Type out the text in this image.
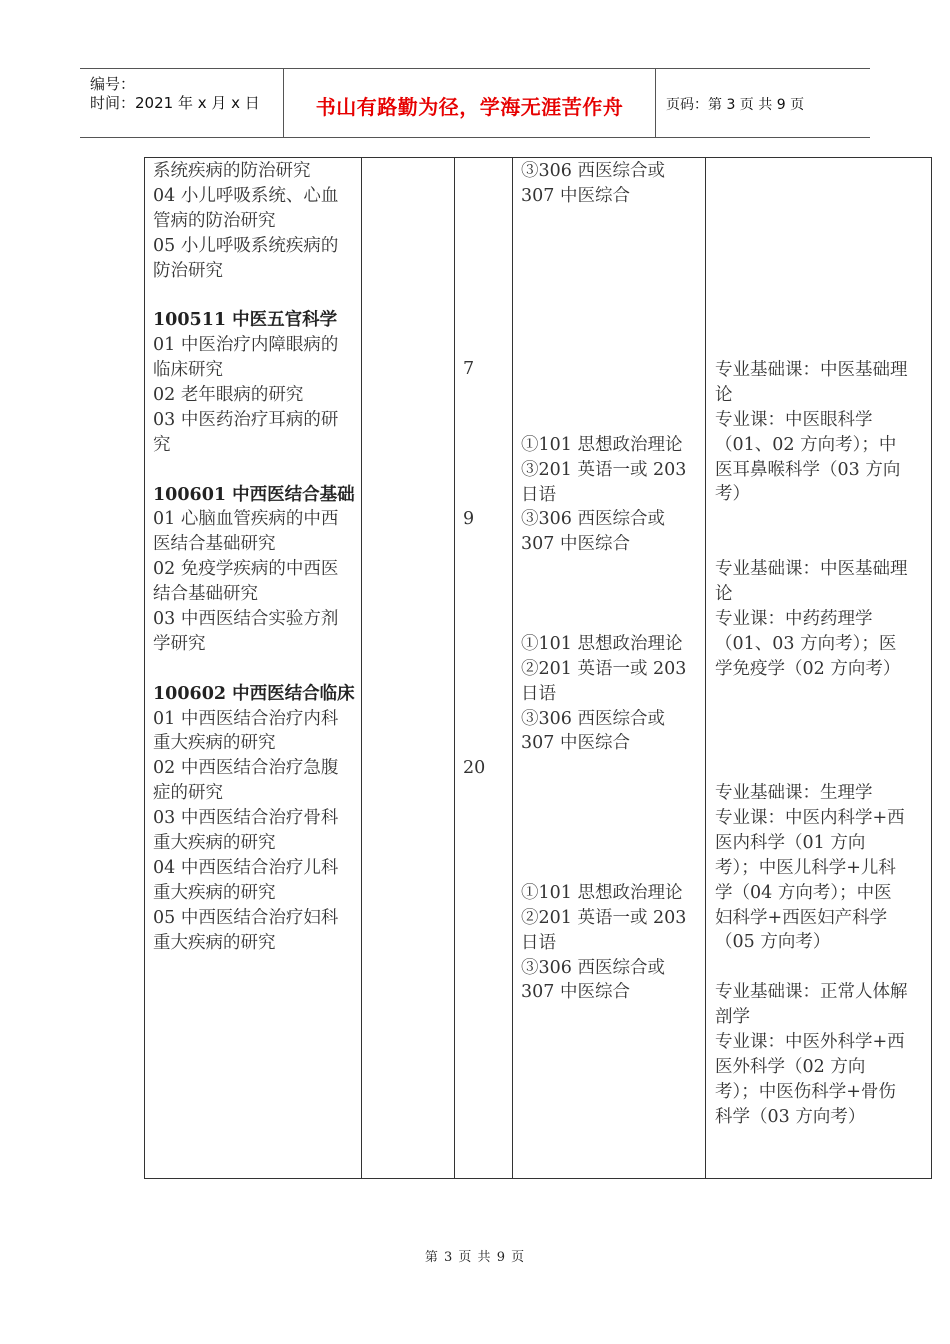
编号：
时间：2021 年 x 月 x 日	书山有路勤为径，学海无涯苦作舟	页码：第 3 页 共 9 页
系统疾病的防治研究
04 小儿呼吸系统、心血
管病的防治研究
05 小儿呼吸系统疾病的
防治研究
100511 中医五官科学
01 中医治疗内障眼病的
临床研究
02 老年眼病的研究
03 中医药治疗耳病的研
究
100601 中西医结合基础
01 心脑血管疾病的中西
医结合基础研究
02 免疫学疾病的中西医
结合基础研究
03 中西医结合实验方剂
学研究
100602 中西医结合临床
01 中西医结合治疗内科
重大疾病的研究
02 中西医结合治疗急腹
症的研究
03 中西医结合治疗骨科
重大疾病的研究
04 中西医结合治疗儿科
重大疾病的研究
05 中西医结合治疗妇科
重大疾病的研究
7
9
20
③306 西医综合或
307 中医综合
①101 思想政治理论
③201 英语一或 203
日语
③306 西医综合或
307 中医综合
①101 思想政治理论
②201 英语一或 203
日语
③306 西医综合或
307 中医综合
①101 思想政治理论
②201 英语一或 203
日语
③306 西医综合或
307 中医综合
专业基础课：中医基础理
论
专业课：中医眼科学
（01、02 方向考）；中
医耳鼻喉科学（03 方向
考）
专业基础课：中医基础理
论
专业课：中药药理学
（01、03 方向考）；医
学免疫学（02 方向考）
专业基础课：生理学
专业课：中医内科学+西
医内科学（01 方向
考）；中医儿科学+儿科
学（04 方向考）；中医
妇科学+西医妇产科学
（05 方向考）
专业基础课：正常人体解
剖学
专业课：中医外科学+西
医外科学（02 方向
考）；中医伤科学+骨伤
科学（03 方向考）
第 3 页 共 9 页
